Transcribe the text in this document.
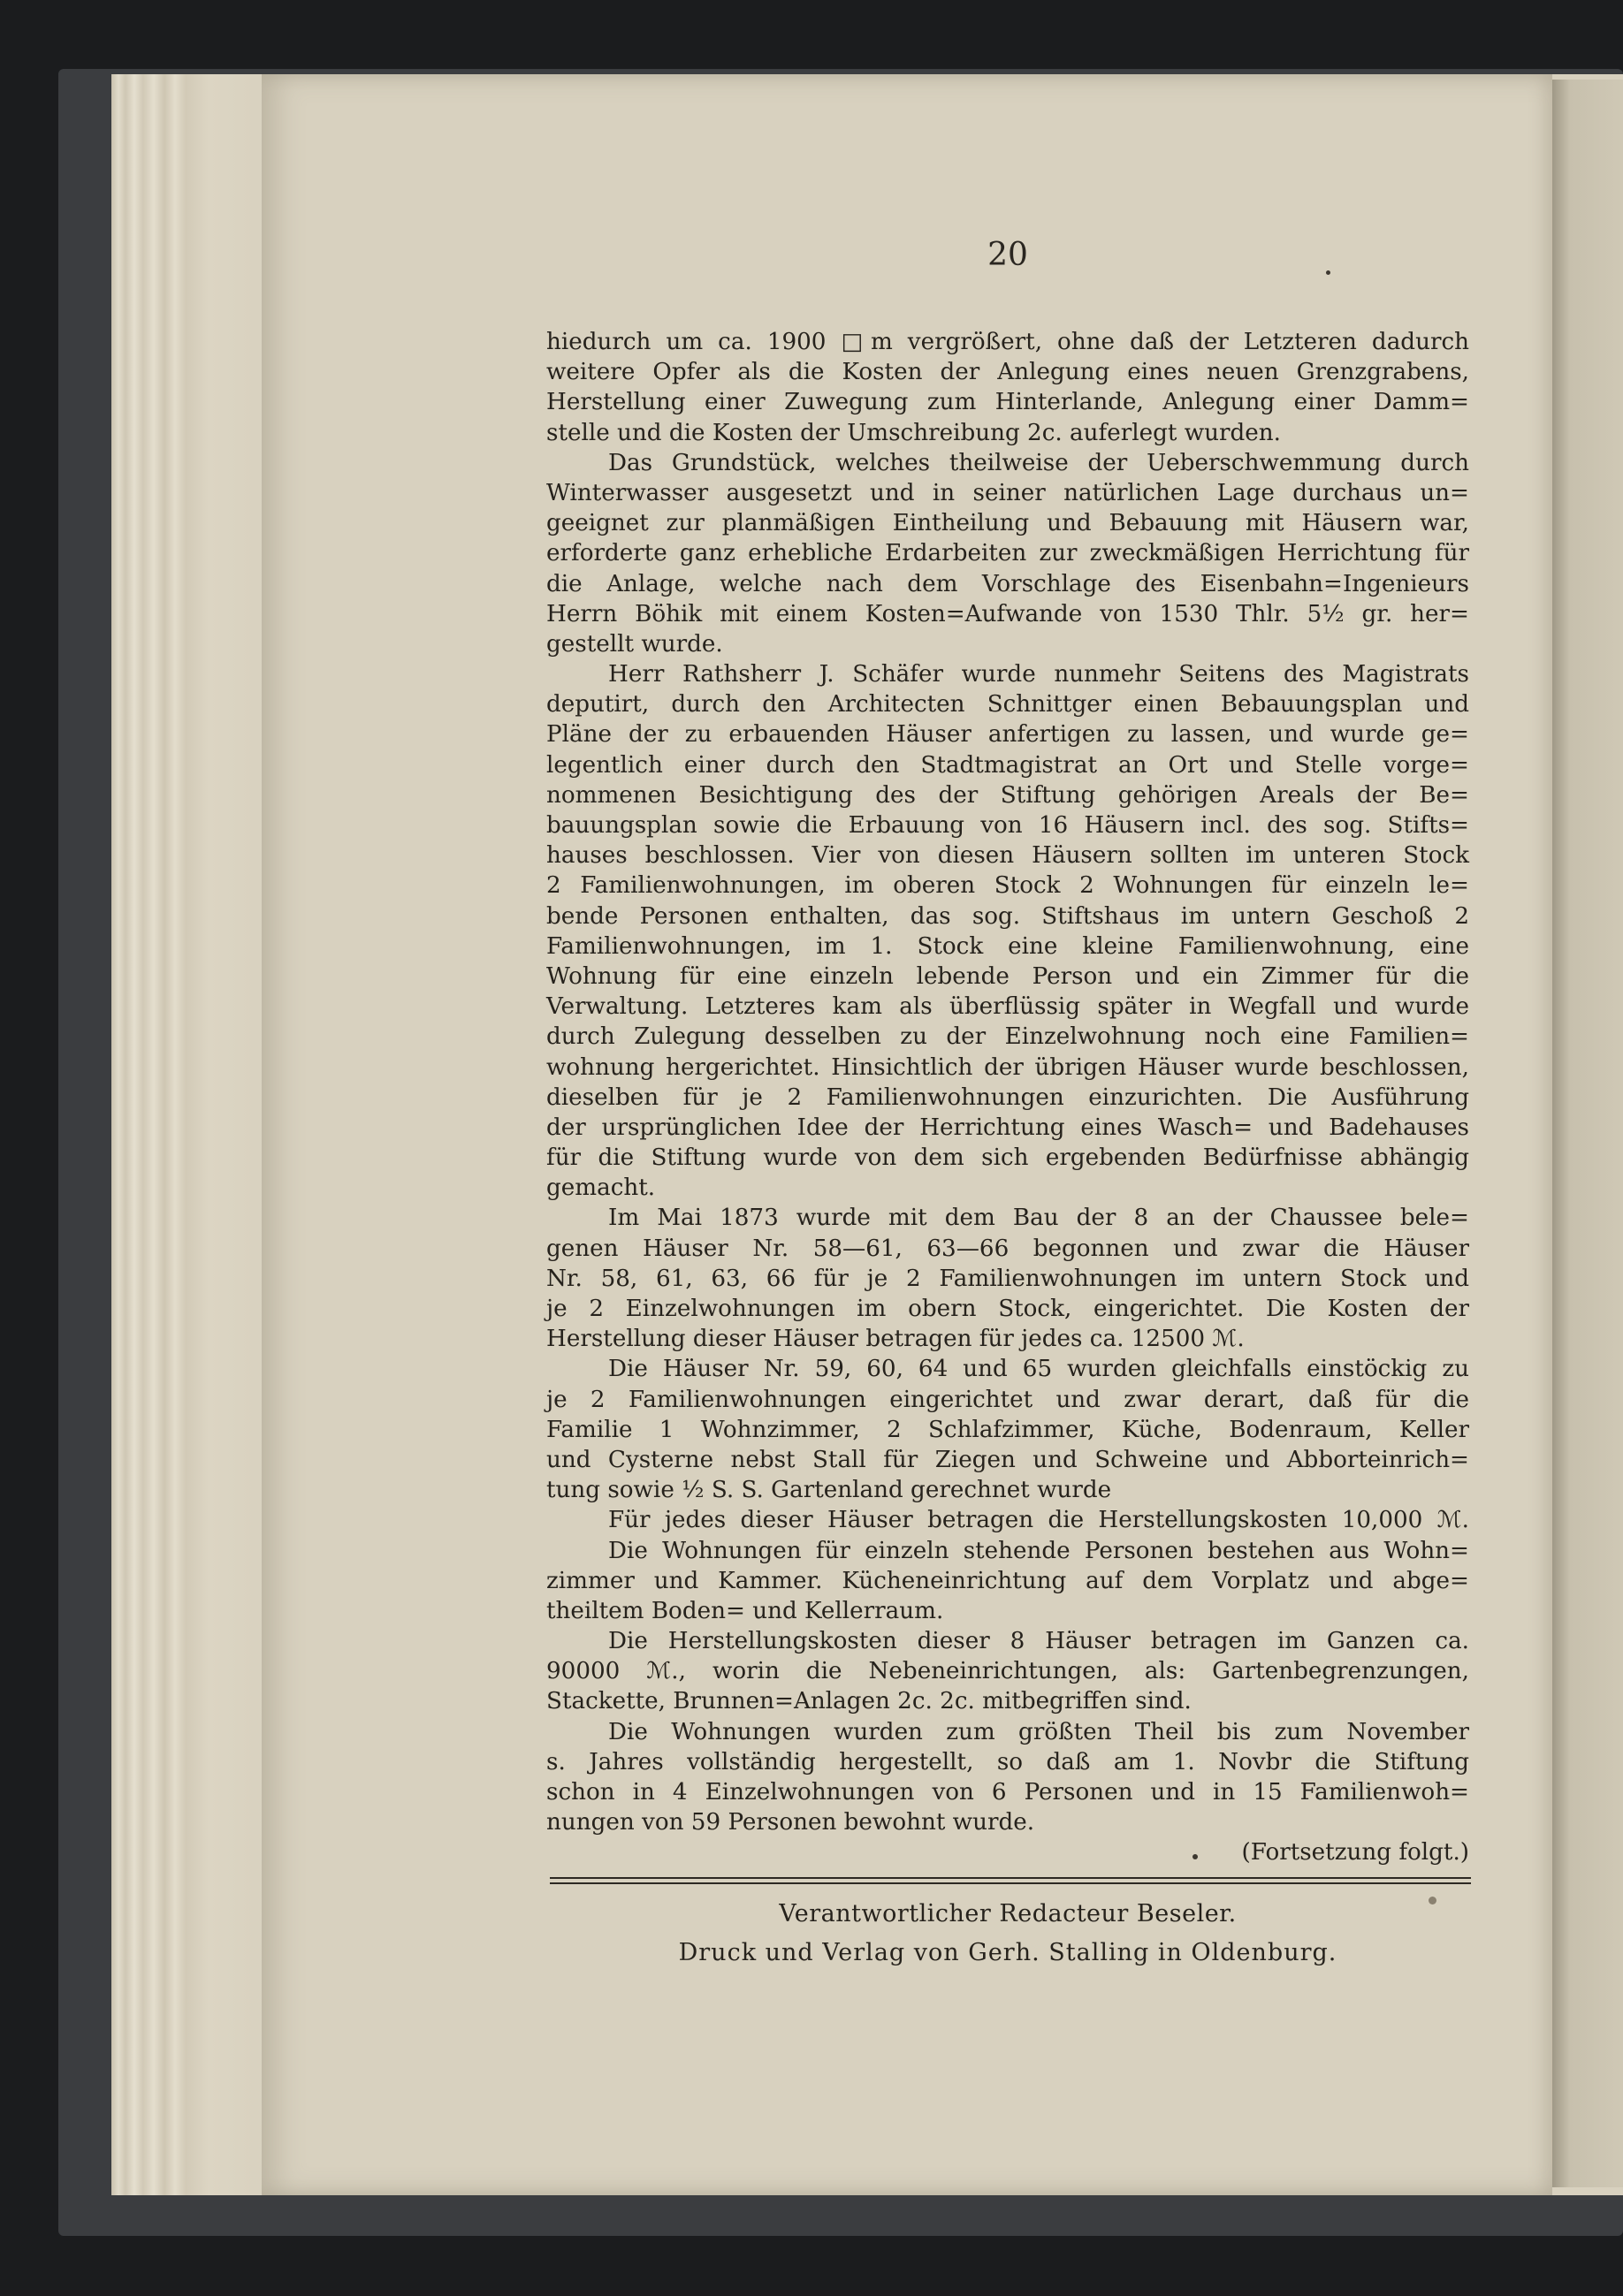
20
hiedurch um ca. 1900 □m vergrößert, ohne daß der Letzteren dadurch
weitere Opfer als die Kosten der Anlegung eines neuen Grenzgrabens,
Herstellung einer Zuwegung zum Hinterlande, Anlegung einer Damm=
stelle und die Kosten der Umschreibung 2c. auferlegt wurden.
Das Grundstück, welches theilweise der Ueberschwemmung durch
Winterwasser ausgesetzt und in seiner natürlichen Lage durchaus un=
geeignet zur planmäßigen Eintheilung und Bebauung mit Häusern war,
erforderte ganz erhebliche Erdarbeiten zur zweckmäßigen Herrichtung für
die Anlage, welche nach dem Vorschlage des Eisenbahn=Ingenieurs
Herrn Böhik mit einem Kosten=Aufwande von 1530 Thlr. 5½ gr. her=
gestellt wurde.
Herr Rathsherr J. Schäfer wurde nunmehr Seitens des Magistrats
deputirt, durch den Architecten Schnittger einen Bebauungsplan und
Pläne der zu erbauenden Häuser anfertigen zu lassen, und wurde ge=
legentlich einer durch den Stadtmagistrat an Ort und Stelle vorge=
nommenen Besichtigung des der Stiftung gehörigen Areals der Be=
bauungsplan sowie die Erbauung von 16 Häusern incl. des sog. Stifts=
hauses beschlossen. Vier von diesen Häusern sollten im unteren Stock
2 Familienwohnungen, im oberen Stock 2 Wohnungen für einzeln le=
bende Personen enthalten, das sog. Stiftshaus im untern Geschoß 2
Familienwohnungen, im 1. Stock eine kleine Familienwohnung, eine
Wohnung für eine einzeln lebende Person und ein Zimmer für die
Verwaltung. Letzteres kam als überflüssig später in Wegfall und wurde
durch Zulegung desselben zu der Einzelwohnung noch eine Familien=
wohnung hergerichtet. Hinsichtlich der übrigen Häuser wurde beschlossen,
dieselben für je 2 Familienwohnungen einzurichten. Die Ausführung
der ursprünglichen Idee der Herrichtung eines Wasch= und Badehauses
für die Stiftung wurde von dem sich ergebenden Bedürfnisse abhängig
gemacht.
Im Mai 1873 wurde mit dem Bau der 8 an der Chaussee bele=
genen Häuser Nr. 58—61, 63—66 begonnen und zwar die Häuser
Nr. 58, 61, 63, 66 für je 2 Familienwohnungen im untern Stock und
je 2 Einzelwohnungen im obern Stock, eingerichtet. Die Kosten der
Herstellung dieser Häuser betragen für jedes ca. 12500 ℳ.
Die Häuser Nr. 59, 60, 64 und 65 wurden gleichfalls einstöckig zu
je 2 Familienwohnungen eingerichtet und zwar derart, daß für die
Familie 1 Wohnzimmer, 2 Schlafzimmer, Küche, Bodenraum, Keller
und Cysterne nebst Stall für Ziegen und Schweine und Abborteinrich=
tung sowie ½ S. S. Gartenland gerechnet wurde
Für jedes dieser Häuser betragen die Herstellungskosten 10,000 ℳ.
Die Wohnungen für einzeln stehende Personen bestehen aus Wohn=
zimmer und Kammer. Kücheneinrichtung auf dem Vorplatz und abge=
theiltem Boden= und Kellerraum.
Die Herstellungskosten dieser 8 Häuser betragen im Ganzen ca.
90000 ℳ., worin die Nebeneinrichtungen, als: Gartenbegrenzungen,
Stackette, Brunnen=Anlagen 2c. 2c. mitbegriffen sind.
Die Wohnungen wurden zum größten Theil bis zum November
s. Jahres vollständig hergestellt, so daß am 1. Novbr die Stiftung
schon in 4 Einzelwohnungen von 6 Personen und in 15 Familienwoh=
nungen von 59 Personen bewohnt wurde.
(Fortsetzung folgt.)
Verantwortlicher Redacteur Beseler.
Druck und Verlag von Gerh. Stalling in Oldenburg.
